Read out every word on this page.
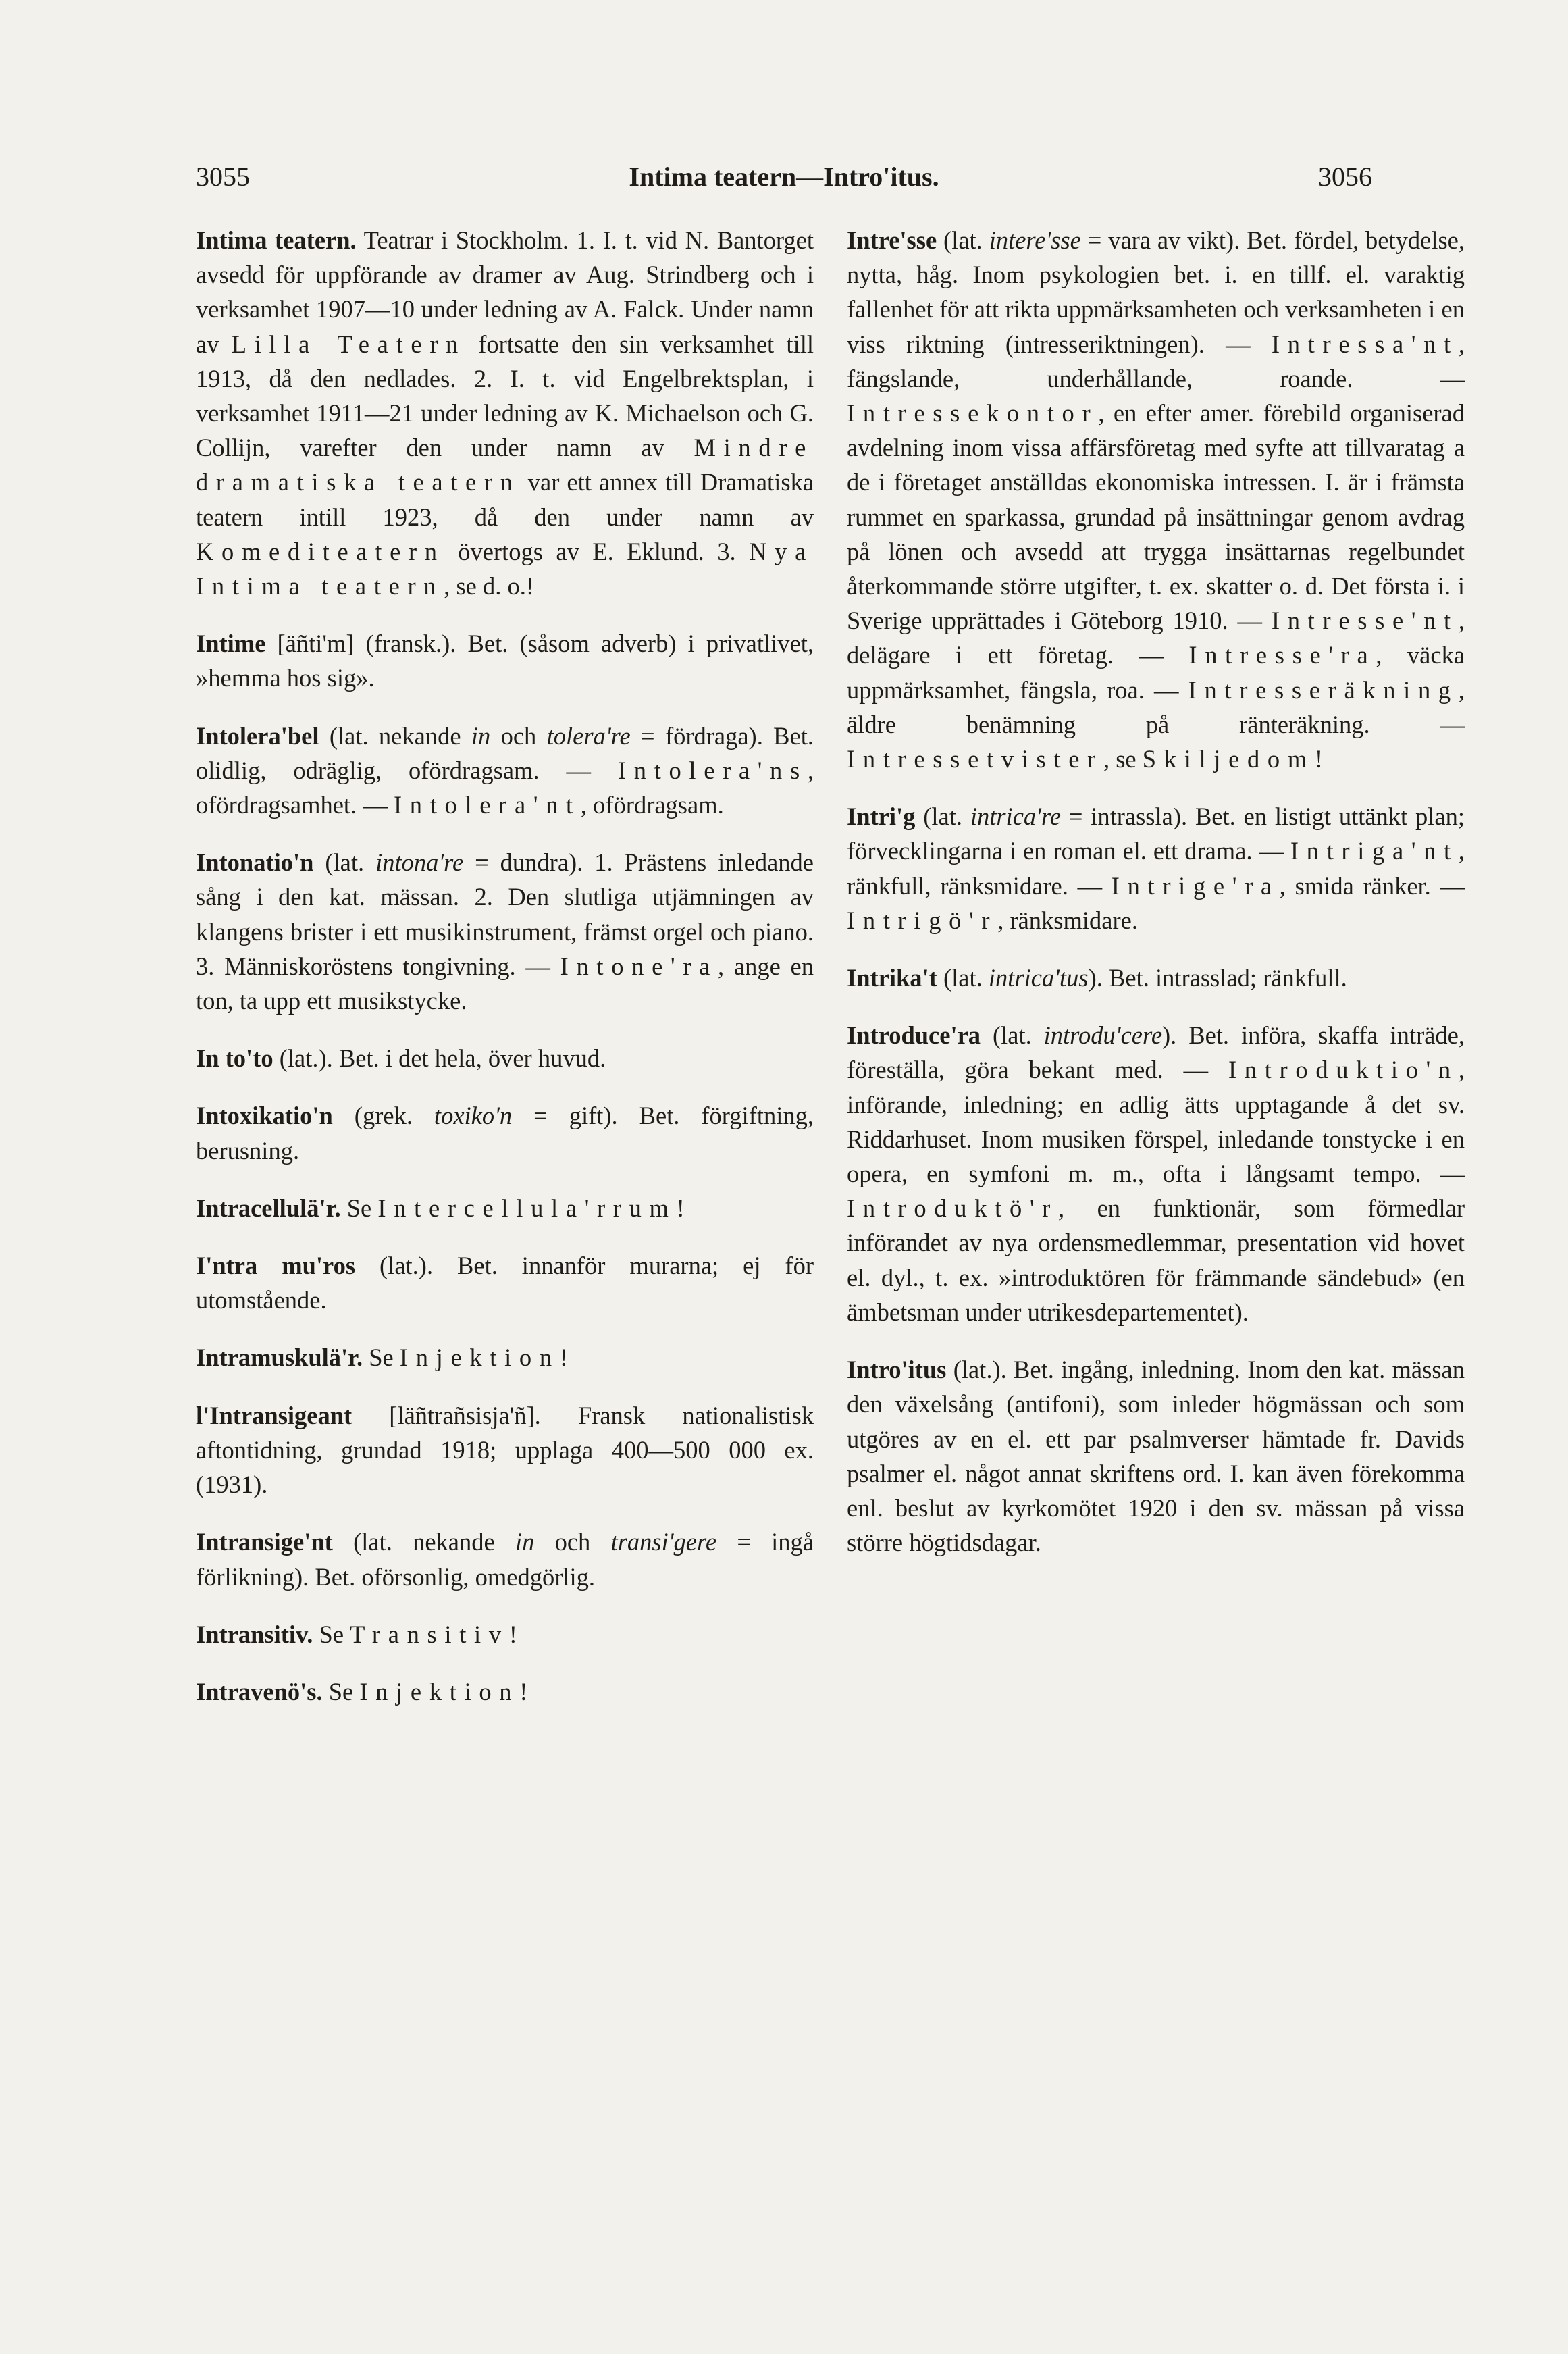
3055	Intima teatern—Intro'itus.	3056

Intima teatern. Teatrar i Stockholm. 1. I. t. vid N. Bantorget avsedd för uppförande av dramer av Aug. Strindberg och i verksamhet 1907—10 under ledning av A. Falck. Under namn av Lilla Teatern fortsatte den sin verksamhet till 1913, då den nedlades. 2. I. t. vid Engelbrektsplan, i verksamhet 1911—21 under ledning av K. Michaelson och G. Collijn, varefter den under namn av Mindre dramatiska teatern var ett annex till Dramatiska teatern intill 1923, då den under namn av Komediteatern övertogs av E. Eklund. 3. Nya Intima teatern, se d. o.!

Intime [äñti'm] (fransk.). Bet. (såsom adverb) i privatlivet, »hemma hos sig».

Intolera'bel (lat. nekande in och tolera're = fördraga). Bet. olidlig, odräglig, ofördragsam. — Intolera'ns, ofördragsamhet. — Intolera'nt, ofördragsam.

Intonatio'n (lat. intona're = dundra). 1. Prästens inledande sång i den kat. mässan. 2. Den slutliga utjämningen av klangens brister i ett musikinstrument, främst orgel och piano. 3. Människoröstens tongivning. — Intone'ra, ange en ton, ta upp ett musikstycke.

In to'to (lat.). Bet. i det hela, över huvud.

Intoxikatio'n (grek. toxiko'n = gift). Bet. förgiftning, berusning.

Intracellulä'r. Se Intercellula'rrum!

I'ntra mu'ros (lat.). Bet. innanför murarna; ej för utomstående.

Intramuskulä'r. Se Injektion!

l'Intransigeant [läñtrañsisja'ñ]. Fransk nationalistisk aftontidning, grundad 1918; upplaga 400—500 000 ex. (1931).

Intransige'nt (lat. nekande in och transi'gere = ingå förlikning). Bet. oförsonlig, omedgörlig.

Intransitiv. Se Transitiv!

Intravenö's. Se Injektion!

Intre'sse (lat. intere'sse = vara av vikt). Bet. fördel, betydelse, nytta, håg. Inom psykologien bet. i. en tillf. el. varaktig fallenhet för att rikta uppmärksamheten och verksamheten i en viss riktning (intresseriktningen). — Intressa'nt, fängslande, underhållande, roande. — Intressekontor, en efter amer. förebild organiserad avdelning inom vissa affärsföretag med syfte att tillvaratag a de i företaget anställdas ekonomiska intressen. I. är i främsta rummet en sparkassa, grundad på insättningar genom avdrag på lönen och avsedd att trygga insättarnas regelbundet återkommande större utgifter, t. ex. skatter o. d. Det första i. i Sverige upprättades i Göteborg 1910. — Intresse'nt, delägare i ett företag. — Intresse'ra, väcka uppmärksamhet, fängsla, roa. — Intresseräkning, äldre benämning på ränteräkning. — Intressetvister, se Skiljedom!

Intri'g (lat. intrica're = intrassla). Bet. en listigt uttänkt plan; förvecklingarna i en roman el. ett drama. — Intriga'nt, ränkfull, ränksmidare. — Intrige'ra, smida ränker. — Intrigö'r, ränksmidare.

Intrika't (lat. intrica'tus). Bet. intrasslad; ränkfull.

Introduce'ra (lat. introdu'cere). Bet. införa, skaffa inträde, föreställa, göra bekant med. — Introduktio'n, införande, inledning; en adlig ätts upptagande å det sv. Riddarhuset. Inom musiken förspel, inledande tonstycke i en opera, en symfoni m. m., ofta i långsamt tempo. — Introduktö'r, en funktionär, som förmedlar införandet av nya ordensmedlemmar, presentation vid hovet el. dyl., t. ex. »introduktören för främmande sändebud» (en ämbetsman under utrikesdepartementet).

Intro'itus (lat.). Bet. ingång, inledning. Inom den kat. mässan den växelsång (antifoni), som inleder högmässan och som utgöres av en el. ett par psalmverser hämtade fr. Davids psalmer el. något annat skriftens ord. I. kan även förekomma enl. beslut av kyrkomötet 1920 i den sv. mässan på vissa större högtidsdagar.
